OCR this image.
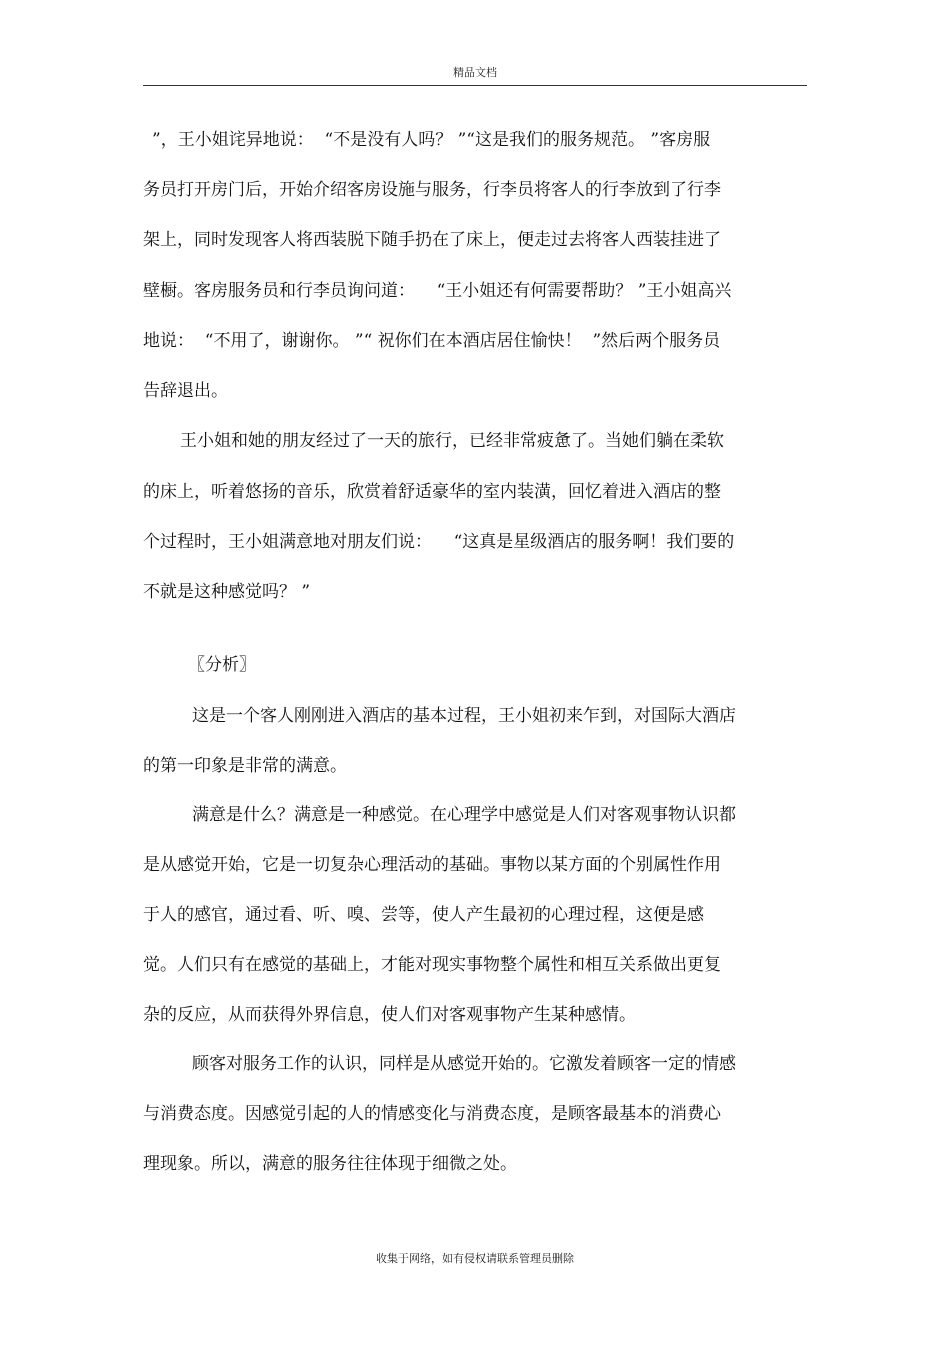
精品文档
”，王小姐诧异地说：  “不是没有人吗？ ”“这是我们的服务规范。 ”客房服
务员打开房门后，开始介绍客房设施与服务，行李员将客人的行李放到了行李
架上，同时发现客人将西装脱下随手扔在了床上，便走过去将客人西装挂进了
壁橱。客房服务员和行李员询问道：    “王小姐还有何需要帮助？ ”王小姐高兴
地说：  “不用了，谢谢你。 ”“ 祝你们在本酒店居住愉快！  ”然后两个服务员
告辞退出。
王小姐和她的朋友经过了一天的旅行，已经非常疲惫了。当她们躺在柔软
的床上，听着悠扬的音乐，欣赏着舒适豪华的室内装潢，回忆着进入酒店的整
个过程时，王小姐满意地对朋友们说：    “这真是星级酒店的服务啊！我们要的
不就是这种感觉吗？ ”
〖分析〗
这是一个客人刚刚进入酒店的基本过程，王小姐初来乍到，对国际大酒店
的第一印象是非常的满意。
满意是什么？满意是一种感觉。在心理学中感觉是人们对客观事物认识都
是从感觉开始，它是一切复杂心理活动的基础。事物以某方面的个别属性作用
于人的感官，通过看、听、嗅、尝等，使人产生最初的心理过程，这便是感
觉。人们只有在感觉的基础上，才能对现实事物整个属性和相互关系做出更复
杂的反应，从而获得外界信息，使人们对客观事物产生某种感情。
顾客对服务工作的认识，同样是从感觉开始的。它激发着顾客一定的情感
与消费态度。因感觉引起的人的情感变化与消费态度，是顾客最基本的消费心
理现象。所以，满意的服务往往体现于细微之处。
收集于网络，如有侵权请联系管理员删除
